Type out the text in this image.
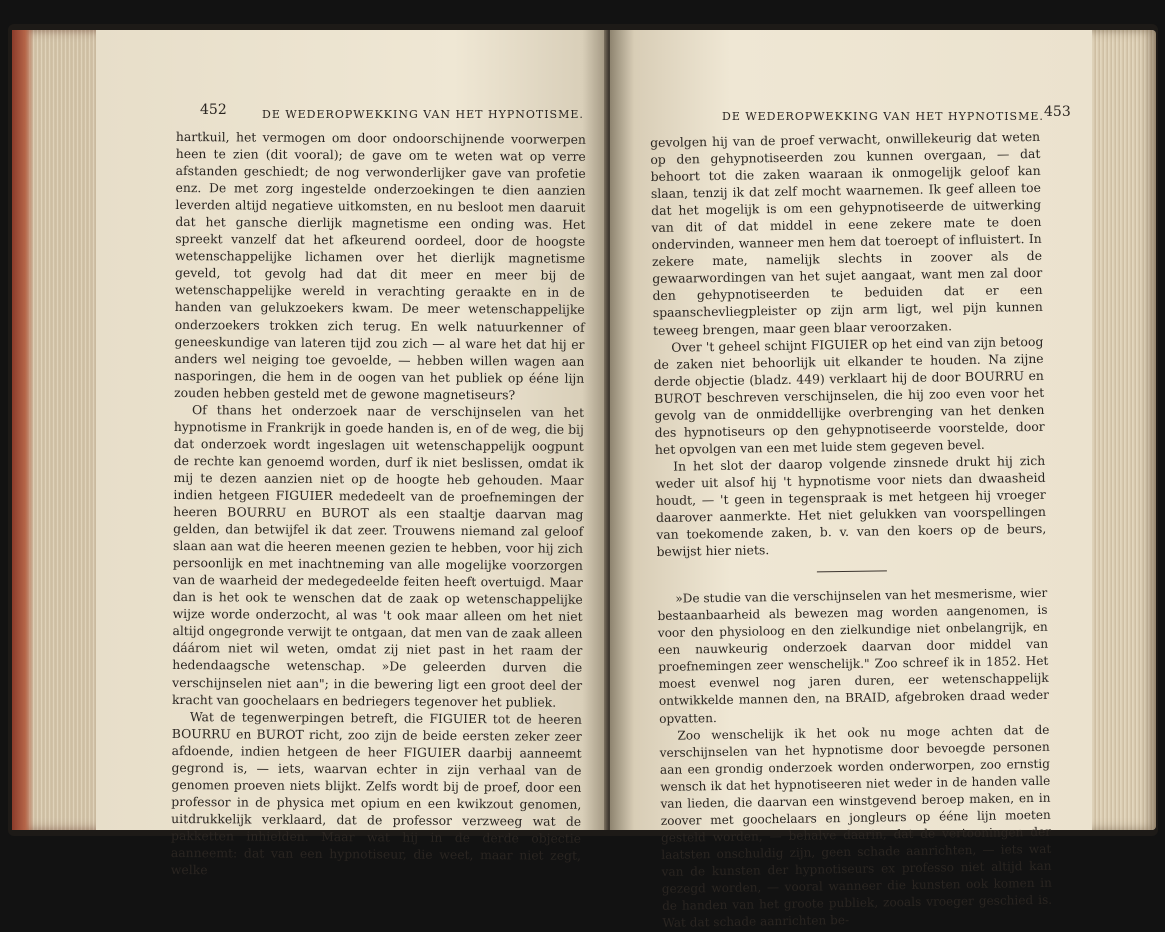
452	DE WEDEROPWEKKING VAN HET HYPNOTISME.

hartkuil, het vermogen om door ondoorschijnende voorwerpen heen te zien (dit vooral); de gave om te weten wat op verre afstanden geschiedt; de nog verwonderlijker gave van profetie enz. De met zorg ingestelde onderzoekingen te dien aanzien leverden altijd negatieve uitkomsten, en nu besloot men daaruit dat het gansche dierlijk magnetisme een onding was. Het spreekt vanzelf dat het afkeurend oordeel, door de hoogste wetenschappelijke lichamen over het dierlijk magnetisme geveld, tot gevolg had dat dit meer en meer bij de wetenschappelijke wereld in verachting geraakte en in de handen van gelukzoekers kwam. De meer wetenschappelijke onderzoekers trokken zich terug. En welk natuurkenner of geneeskundige van lateren tijd zou zich — al ware het dat hij er anders wel neiging toe gevoelde, — hebben willen wagen aan nasporingen, die hem in de oogen van het publiek op ééne lijn zouden hebben gesteld met de gewone magnetiseurs?

Of thans het onderzoek naar de verschijnselen van het hypnotisme in Frankrijk in goede handen is, en of de weg, die bij dat onderzoek wordt ingeslagen uit wetenschappelijk oogpunt de rechte kan genoemd worden, durf ik niet beslissen, omdat ik mij te dezen aanzien niet op de hoogte heb gehouden. Maar indien hetgeen FIGUIER mededeelt van de proefnemingen der heeren BOURRU en BUROT als een staaltje daarvan mag gelden, dan betwijfel ik dat zeer. Trouwens niemand zal geloof slaan aan wat die heeren meenen gezien te hebben, voor hij zich persoonlijk en met inachtneming van alle mogelijke voorzorgen van de waarheid der medegedeelde feiten heeft overtuigd. Maar dan is het ook te wenschen dat de zaak op wetenschappelijke wijze worde onderzocht, al was 't ook maar alleen om het niet altijd ongegronde verwijt te ontgaan, dat men van de zaak alleen dáárom niet wil weten, omdat zij niet past in het raam der hedendaagsche wetenschap. »De geleerden durven die verschijnselen niet aan"; in die bewering ligt een groot deel der kracht van goochelaars en bedriegers tegenover het publiek.

Wat de tegenwerpingen betreft, die FIGUIER tot de heeren BOURRU en BUROT richt, zoo zijn de beide eersten zeker zeer afdoende, indien hetgeen de heer FIGUIER daarbij aanneemt gegrond is, — iets, waarvan echter in zijn verhaal van de genomen proeven niets blijkt. Zelfs wordt bij de proef, door een professor in de physica met opium en een kwikzout genomen, uitdrukkelijk verklaard, dat de professor verzweeg wat de pakketten inhielden. Maar wat hij in de derde objectie aanneemt: dat van een hypnotiseur, die weet, maar niet zegt, welke

DE WEDEROPWEKKING VAN HET HYPNOTISME. 453

gevolgen hij van de proef verwacht, onwillekeurig dat weten op den gehypnotiseerden zou kunnen overgaan, — dat behoort tot die zaken waaraan ik onmogelijk geloof kan slaan, tenzij ik dat zelf mocht waarnemen. Ik geef alleen toe dat het mogelijk is om een gehypnotiseerde de uitwerking van dit of dat middel in eene zekere mate te doen ondervinden, wanneer men hem dat toeroept of influistert. In zekere mate, namelijk slechts in zoover als de gewaarwordingen van het sujet aangaat, want men zal door den gehypnotiseerden te beduiden dat er een spaanschevliegpleister op zijn arm ligt, wel pijn kunnen teweeg brengen, maar geen blaar veroorzaken.

Over 't geheel schijnt FIGUIER op het eind van zijn betoog de zaken niet behoorlijk uit elkander te houden. Na zijne derde objectie (bladz. 449) verklaart hij de door BOURRU en BUROT beschreven verschijnselen, die hij zoo even voor het gevolg van de onmiddellijke overbrenging van het denken des hypnotiseurs op den gehypnotiseerde voorstelde, door het opvolgen van een met luide stem gegeven bevel.

In het slot der daarop volgende zinsnede drukt hij zich weder uit alsof hij 't hypnotisme voor niets dan dwaasheid houdt, — 't geen in tegenspraak is met hetgeen hij vroeger daarover aanmerkte. Het niet gelukken van voorspellingen van toekomende zaken, b. v. van den koers op de beurs, bewijst hier niets.

»De studie van die verschijnselen van het mesmerisme, wier bestaanbaarheid als bewezen mag worden aangenomen, is voor den physioloog en den zielkundige niet onbelangrijk, en een nauwkeurig onderzoek daarvan door middel van proefnemingen zeer wenschelijk." Zoo schreef ik in 1852. Het moest evenwel nog jaren duren, eer wetenschappelijk ontwikkelde mannen den, na BRAID, afgebroken draad weder opvatten.

Zoo wenschelijk ik het ook nu moge achten dat de verschijnselen van het hypnotisme door bevoegde personen aan een grondig onderzoek worden onderworpen, zoo ernstig wensch ik dat het hypnotiseeren niet weder in de handen valle van lieden, die daarvan een winstgevend beroep maken, en in zoover met goochelaars en jongleurs op ééne lijn moeten gesteld worden, — behalve daarin, dat de vertooningen der laatsten onschuldig zijn, geen schade aanrichten, — iets wat van de kunsten der hypnotiseurs ex professo niet altijd kan gezegd worden, — vooral wanneer die kunsten ook komen in de handen van het groote publiek, zooals vroeger geschied is. Wat dat schade aanrichten be-
